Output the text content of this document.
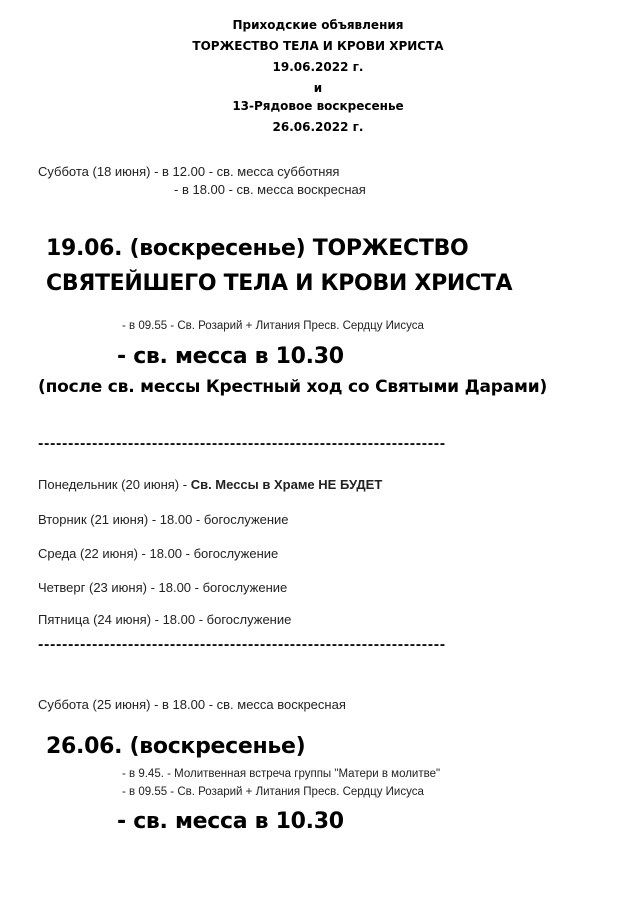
Приходские объявления
ТОРЖЕСТВО ТЕЛА И КРОВИ ХРИСТА
19.06.2022 г.
и
13-Рядовое воскресенье
26.06.2022 г.
Суббота (18 июня) - в 12.00 - св. месса субботняя
- в 18.00 - св. месса воскресная
19.06. (воскресенье) ТОРЖЕСТВО
СВЯТЕЙШЕГО ТЕЛА И КРОВИ ХРИСТА
- в 09.55 - Св. Розарий + Литания Пресв. Сердцу Иисуса
- св. месса в 10.30
(после св. мессы Крестный ход со Святыми Дарами)
--------------------------------------------------------------------
Понедельник (20 июня) - Св. Мессы в Храме НЕ БУДЕТ
Вторник (21 июня) - 18.00 - богослужение
Среда (22 июня) - 18.00 - богослужение
Четверг (23 июня) - 18.00 - богослужение
Пятница (24 июня) - 18.00 - богослужение
--------------------------------------------------------------------
Суббота (25 июня) - в 18.00 - св. месса воскресная
26.06. (воскресенье)
- в 9.45. - Молитвенная встреча группы "Матери в молитве"
- в 09.55 - Св. Розарий + Литания Пресв. Сердцу Иисуса
- св. месса в 10.30
